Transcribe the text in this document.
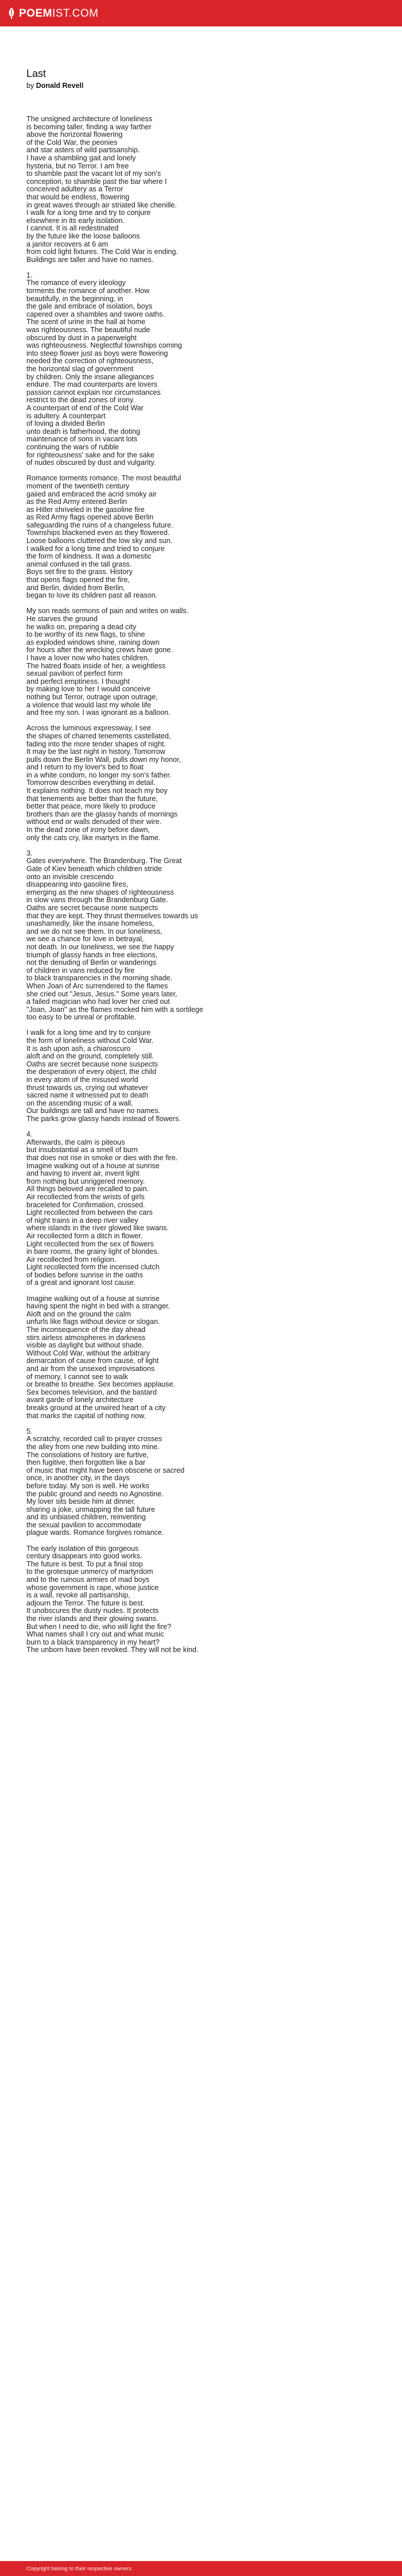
POEMIST.COM
Last

by Donald Revell

The unsigned architecture of loneliness
is becoming taller, finding a way farther
above the horizontal flowering
of the Cold War, the peonies
and star asters of wild partisanship.
I have a shambling gait and lonely
hysteria, but no Terror. I am free
to shamble past the vacant lot of my son's
conception, to shamble past the bar where I
conceived adultery as a Terror
that would be endless, flowering
in great waves through air striated like chenille.
I walk for a long time and try to conjure
elsewhere in its early isolation.
I cannot. It is all redestinated
by the future like the loose balloons
a janitor recovers at 6 am
from cold light fixtures. The Cold War is ending.
Buildings are taller and have no names.
1.
The romance of every ideology
torments the romance of another. How
beautifully, in the beginning, in
the gale and embrace of isolation, boys
capered over a shambles and swore oaths.
The scent of urine in the hall at home
was righteousness. The beautiful nude
obscured by dust in a paperweight
was righteousness. Neglectful townships coming
into steep flower just as boys were flowering
needed the correction of righteousness,
the horizontal slag of government
by children. Only the insane allegiances
endure. The mad counterparts are lovers
passion cannot explain nor circumstances
restrict to the dead zones of irony.
A counterpart of end of the Cold War
is adultery. A counterpart
of loving a divided Berlin
unto death is fatherhood, the doting
maintenance of sons in vacant lots
continuing the wars of rubble
for righteousness' sake and for the sake
of nudes obscured by dust and vulgarity.
Romance torments romance. The most beautiful
moment of the twentieth century
gaiied and embraced the acrid smoky air
as the Red Army entered Berlin
as Hitler shriveled in the gasoline fire
as Red Army flags opened above Berlin
safeguarding the ruins of a changeless future.
Townships blackened even as they flowered.
Loose balloons cluttered the low sky and sun.
I walked for a long time and tried to conjure
the form of kindness. It was a domestic
animal confused in the tall grass.
Boys set fire to the grass. History
that opens flags opened the fire,
and Berlin, divided from Berlin,
began to love its children past all reason.
My son reads sermons of pain and writes on walls.
He starves the ground
he walks on, preparing a dead city
to be worthy of its new flags, to shine
as exploded windows shine, raining down
for hours after the wrecking crews have gone.
I have a lover now who hates children.
The hatred floats inside of her, a weightless
sexual pavilion of perfect form
and perfect emptiness. I thought
by making love to her I would conceive
nothing but Terror, outrage upon outrage,
a violence that would last my whole life
and free my son. I was ignorant as a balloon.
Across the luminous expressway, I see
the shapes of charred tenements castellated,
fading into the more tender shapes of night.
It may be the last night in history. Tomorrow
pulls down the Berlin Wall, pulls down my honor,
and I return to my lover's bed to float
in a white condom, no longer my son's father.
Tomorrow describes everything in detail.
It explains nothing. It does not teach my boy
that tenements are better than the future,
better that peace, more likely to produce
brothers than are the glassy hands of mornings
without end or walls denuded of their wire.
In the dead zone of irony before dawn,
only the cats cry, like martyrs in the flame.
3.
Gates everywhere. The Brandenburg. The Great
Gate of Kiev beneath which children stride
onto an invisible crescendo
disappearing into gasoline fires,
emerging as the new shapes of righteousness
in slow vans through the Brandenburg Gate.
Oaths are secret because none suspects
that they are kept. They thrust themselves towards us
unashamedly, like the insane homeless,
and we do not see them. In our loneliness,
we see a chance for love in betrayal,
not death. In our loneliness, we see the happy
triumph of glassy hands in free elections,
not the denuding of Berlin or wanderings
of children in vans reduced by fire
to black transparencies in the morning shade.
When Joan of Arc surrendered to the flames
she cried out "Jesus, Jesus." Some years later,
a failed magician who had lover her cried out
"Joan, Joan" as the flames mocked him with a sortilege
too easy to be unreal or profitable.
I walk for a long time and try to conjure
the form of loneliness without Cold War.
It is ash upon ash, a chiaroscuro
aloft and on the ground, completely still.
Oaths are secret because none suspects
the desperation of every object, the child
in every atom of the misused world
thrust towards us, crying out whatever
sacred name it witnessed put to death
on the ascending music of a wall.
Our buildings are tall and have no names.
The parks grow glassy hands instead of flowers.
4.
Afterwards, the calm is piteous
but insubstantial as a smell of burn
that does not rise in smoke or dies with the fire.
Imagine walking out of a house at sunrise
and having to invent air, invent light
from nothing but unriggered memory.
All things beloved are recalled to pain.
Air recollected from the wrists of girls
braceleted for Confirmation, crossed.
Light recollected from between the cars
of night trains in a deep river valley
where islands in the river glowed like swans.
Air recollected form a ditch in flower.
Light recollected from the sex of flowers
in bare rooms, the grainy light of blondes.
Air recollected from religion.
Light recollected form the incensed clutch
of bodies before sunrise in the oaths
of a great and ignorant lost cause.
Imagine walking out of a house at sunrise
having spent the night in bed with a stranger.
Aloft and on the ground the calm
unfurls like flags without device or slogan.
The inconsequence of the day ahead
stirs airless atmospheres in darkness
visible as daylight but without shade.
Without Cold War, without the arbitrary
demarcation of cause from cause, of light
and air from the unsexed improvisations
of memory, I cannot see to walk
or breathe to breathe. Sex becomes applause.
Sex becomes television, and the bastard
avant garde of lonely architecture
breaks ground at the unwired heart of a city
that marks the capital of nothing now.
5.
A scratchy, recorded call to prayer crosses
the alley from one new building into mine.
The consolations of history are furtive,
then fugitive, then forgotten like a bar
of music that might have been obscene or sacred
once, in another city, in the days
before today. My son is well. He works
the public ground and needs no Agnostine.
My lover sits beside him at dinner,
sharing a joke, unmapping the tall future
and its unbiased children, reinventing
the sexual pavilion to accommodate
plague wards. Romance forgives romance.
The early isolation of this gorgeous
century disappears into good works.
The future is best. To put a final stop
to the grotesque unmercy of martyrdom
and to the ruinous armies of mad boys
whose government is rape, whose justice
is a wall, revoke all partisanship,
adjourn the Terror. The future is best.
It unobscures the dusty nudes. It protects
the river islands and their glowing swans.
But when I need to die, who will light the fire?
What names shall I cry out and what music
burn to a black transparency in my heart?
The unborn have been revoked. They will not be kind.
Copyright belong to their respective owners.
